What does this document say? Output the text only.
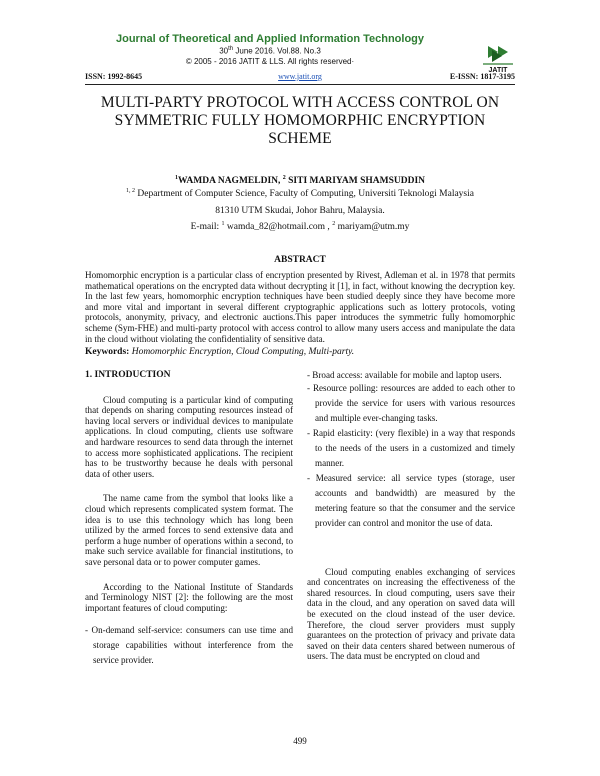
Journal of Theoretical and Applied Information Technology
30th June 2016. Vol.88. No.3
© 2005 - 2016 JATIT & LLS. All rights reserved·
JATIT
ISSN: 1992-8645	www.jatit.org	E-ISSN: 1817-3195
MULTI-PARTY PROTOCOL WITH ACCESS CONTROL ON
SYMMETRIC FULLY HOMOMORPHIC ENCRYPTION
SCHEME
$^1$WAMDA NAGMELDIN, $^2$ SITI MARIYAM SHAMSUDDIN
$^{1, 2}$ Department of Computer Science, Faculty of Computing, Universiti Teknologi Malaysia
81310 UTM Skudai, Johor Bahru, Malaysia.
E-mail: $^1$ wamda_82@hotmail.com , $^2$ mariyam@utm.my
ABSTRACT
Homomorphic encryption is a particular class of encryption presented by Rivest, Adleman et al. in 1978 that permits mathematical operations on the encrypted data without decrypting it [1], in fact, without knowing the decryption key. In the last few years, homomorphic encryption techniques have been studied deeply since they have become more and more vital and important in several different cryptographic applications such as lottery protocols, voting protocols, anonymity, privacy, and electronic auctions.This paper introduces the symmetric fully homomorphic scheme (Sym-FHE) and multi-party protocol with access control to allow many users access and manipulate the data in the cloud without violating the confidentiality of sensitive data.
Keywords: Homomorphic Encryption, Cloud Computing, Multi-party.
1. INTRODUCTION

Cloud computing is a particular kind of computing that depends on sharing computing resources instead of having local servers or individual devices to manipulate applications. In cloud computing, clients use software and hardware resources to send data through the internet to access more sophisticated applications. The recipient has to be trustworthy because he deals with personal data of other users.

The name came from the symbol that looks like a cloud which represents complicated system format. The idea is to use this technology which has long been utilized by the armed forces to send extensive data and perform a huge number of operations within a second, to make such service available for financial institutions, to save personal data or to power computer games.

According to the National Institute of Standards and Terminology NIST [2]: the following are the most important features of cloud computing:

- On-demand self-service: consumers can use time and storage capabilities without interference from the service provider.

- Broad access: available for mobile and laptop users.

- Resource polling: resources are added to each other to provide the service for users with various resources and multiple ever-changing tasks.

- Rapid elasticity: (very flexible) in a way that responds to the needs of the users in a customized and timely manner.

- Measured service: all service types (storage, user accounts and bandwidth) are measured by the metering feature so that the consumer and the service provider can control and monitor the use of data.

Cloud computing enables exchanging of services and concentrates on increasing the effectiveness of the shared resources. In cloud computing, users save their data in the cloud, and any operation on saved data will be executed on the cloud instead of the user device. Therefore, the cloud server providers must supply guarantees on the protection of privacy and private data saved on their data centers shared between numerous of users. The data must be encrypted on cloud and

499
